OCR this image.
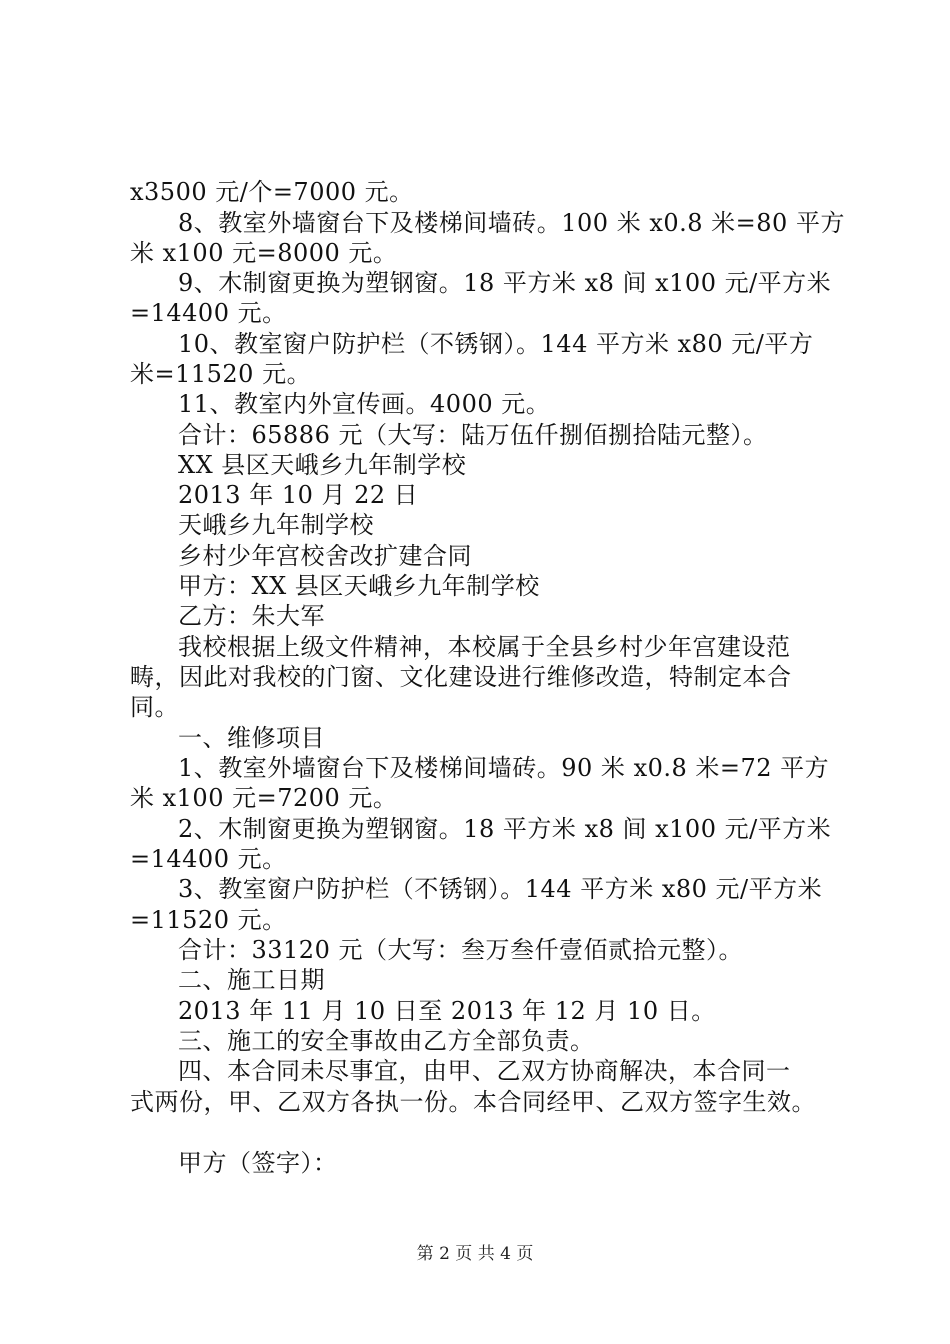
x3500 元/个=7000 元。
8、教室外墙窗台下及楼梯间墙砖。100 米 x0.8 米=80 平方
米 x100 元=8000 元。
9、木制窗更换为塑钢窗。18 平方米 x8 间 x100 元/平方米
=14400 元。
10、教室窗户防护栏（不锈钢）。144 平方米 x80 元/平方
米=11520 元。
11、教室内外宣传画。4000 元。
合计：65886 元（大写：陆万伍仟捌佰捌拾陆元整）。
XX 县区天峨乡九年制学校
2013 年 10 月 22 日
天峨乡九年制学校
乡村少年宫校舍改扩建合同
甲方：XX 县区天峨乡九年制学校
乙方：朱大军
我校根据上级文件精神，本校属于全县乡村少年宫建设范
畴，因此对我校的门窗、文化建设进行维修改造，特制定本合
同。
一、维修项目
1、教室外墙窗台下及楼梯间墙砖。90 米 x0.8 米=72 平方
米 x100 元=7200 元。
2、木制窗更换为塑钢窗。18 平方米 x8 间 x100 元/平方米
=14400 元。
3、教室窗户防护栏（不锈钢）。144 平方米 x80 元/平方米
=11520 元。
合计：33120 元（大写：叁万叁仟壹佰贰拾元整）。
二、施工日期
2013 年 11 月 10 日至 2013 年 12 月 10 日。
三、施工的安全事故由乙方全部负责。
四、本合同未尽事宜，由甲、乙双方协商解决，本合同一
式两份，甲、乙双方各执一份。本合同经甲、乙双方签字生效。
甲方（签字）：
第 2 页 共 4 页
